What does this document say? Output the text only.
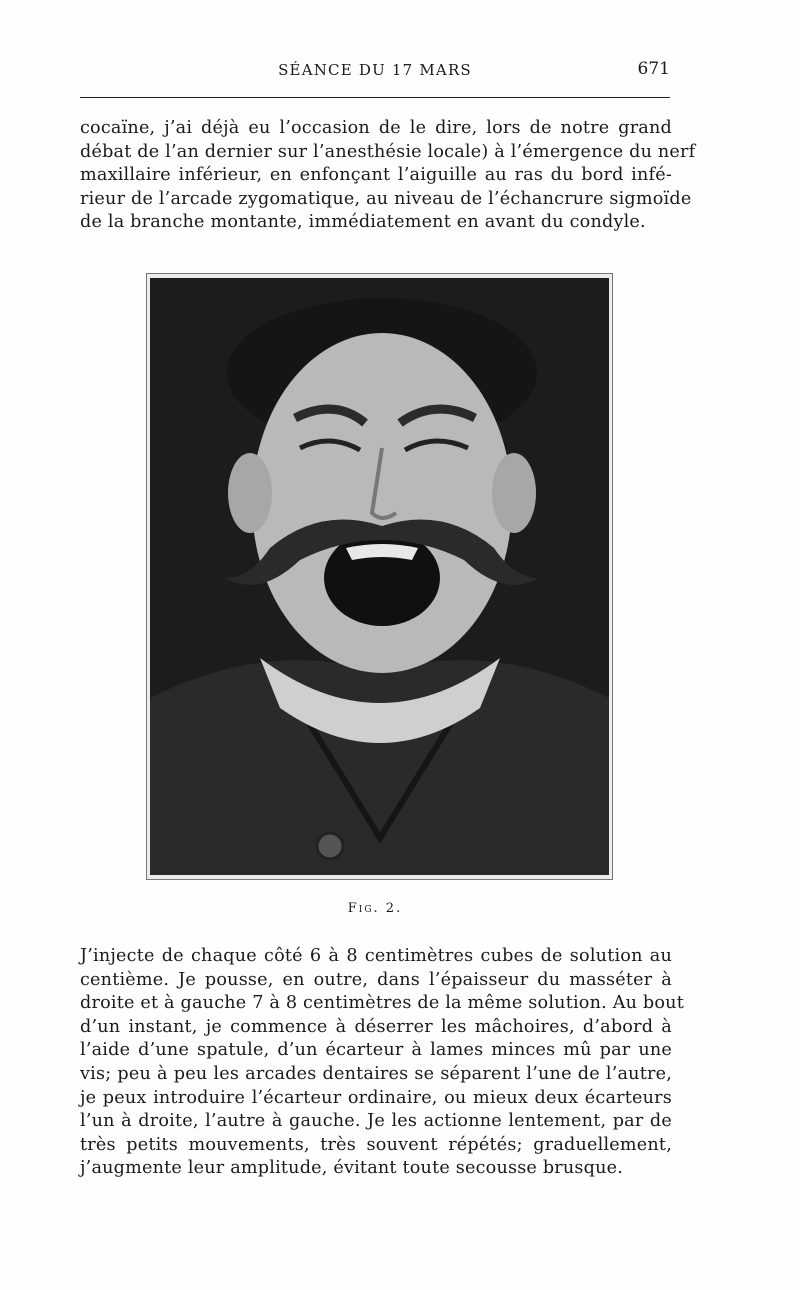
SÉANCE DU 17 MARS	671

cocaïne, j’ai déjà eu l’occasion de le dire, lors de notre grand
débat de l’an dernier sur l’anesthésie locale) à l’émergence du nerf
maxillaire inférieur, en enfonçant l’aiguille au ras du bord infé-
rieur de l’arcade zygomatique, au niveau de l’échancrure sigmoïde
de la branche montante, immédiatement en avant du condyle.

Fig. 2.

J’injecte de chaque côté 6 à 8 centimètres cubes de solution au
centième. Je pousse, en outre, dans l’épaisseur du masséter à
droite et à gauche 7 à 8 centimètres de la même solution. Au bout
d’un instant, je commence à déserrer les mâchoires, d’abord à
l’aide d’une spatule, d’un écarteur à lames minces mû par une
vis; peu à peu les arcades dentaires se séparent l’une de l’autre,
je peux introduire l’écarteur ordinaire, ou mieux deux écarteurs
l’un à droite, l’autre à gauche. Je les actionne lentement, par de
très petits mouvements, très souvent répétés; graduellement,
j’augmente leur amplitude, évitant toute secousse brusque.
